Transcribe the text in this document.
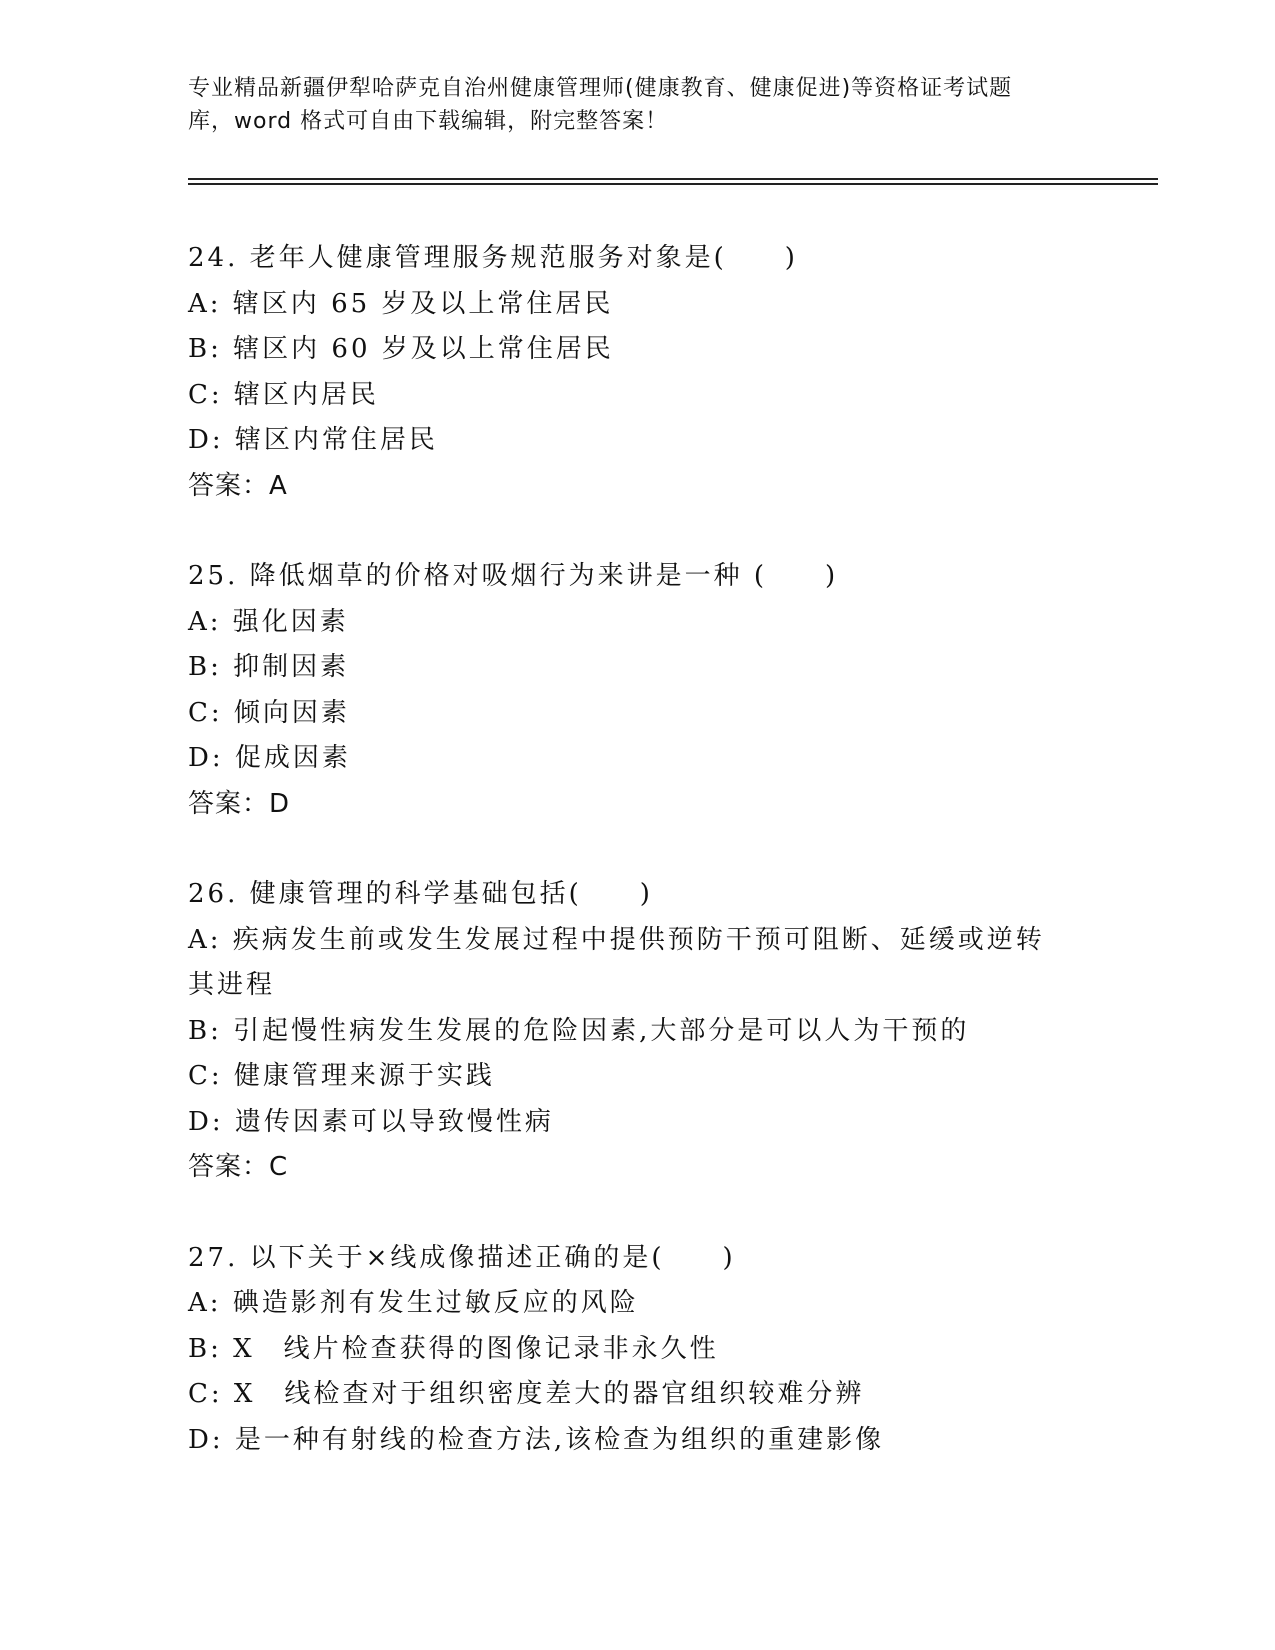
专业精品新疆伊犁哈萨克自治州健康管理师(健康教育、健康促进)等资格证考试题
库，word 格式可自由下载编辑，附完整答案！
24. 老年人健康管理服务规范服务对象是(　　)
A: 辖区内 65 岁及以上常住居民
B: 辖区内 60 岁及以上常住居民
C: 辖区内居民
D: 辖区内常住居民
答案：A
25. 降低烟草的价格对吸烟行为来讲是一种 (　　)
A: 强化因素
B: 抑制因素
C: 倾向因素
D: 促成因素
答案：D
26. 健康管理的科学基础包括(　　)
A: 疾病发生前或发生发展过程中提供预防干预可阻断、延缓或逆转其进程
B: 引起慢性病发生发展的危险因素,大部分是可以人为干预的
C: 健康管理来源于实践
D: 遗传因素可以导致慢性病
答案：C
27. 以下关于×线成像描述正确的是(　　)
A: 碘造影剂有发生过敏反应的风险
B: X　线片检查获得的图像记录非永久性
C: X　线检查对于组织密度差大的器官组织较难分辨
D: 是一种有射线的检查方法,该检查为组织的重建影像
